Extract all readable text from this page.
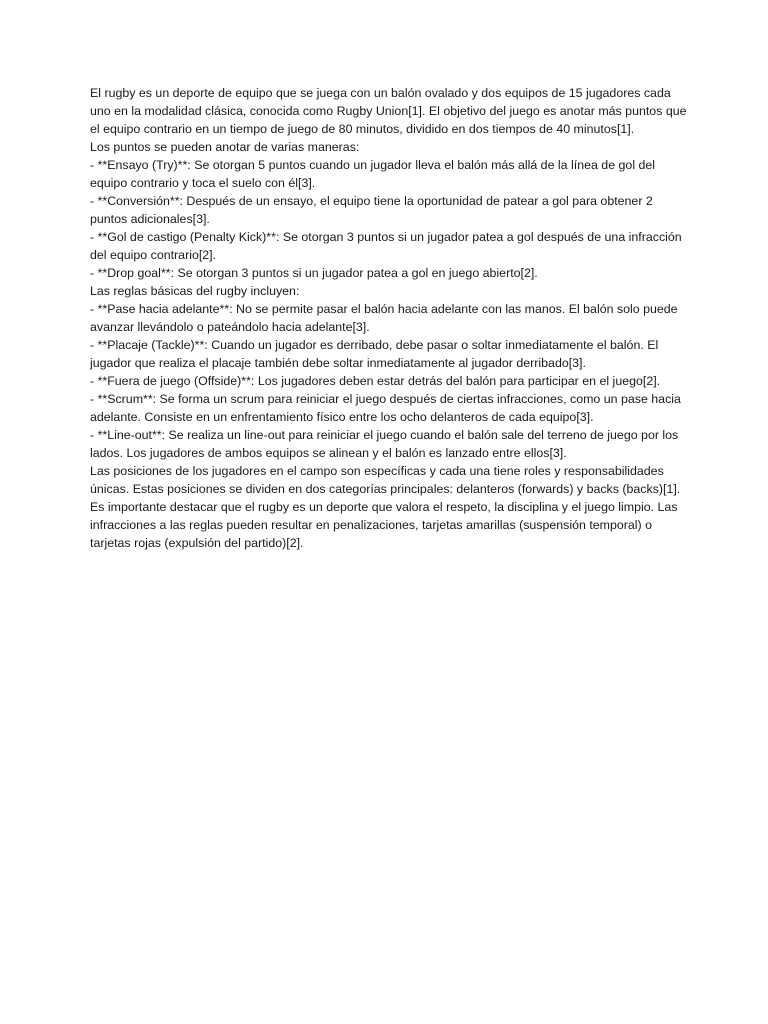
El rugby es un deporte de equipo que se juega con un balón ovalado y dos equipos de 15 jugadores cada uno en la modalidad clásica, conocida como Rugby Union[1]. El objetivo del juego es anotar más puntos que el equipo contrario en un tiempo de juego de 80 minutos, dividido en dos tiempos de 40 minutos[1].

Los puntos se pueden anotar de varias maneras:

- **Ensayo (Try)**: Se otorgan 5 puntos cuando un jugador lleva el balón más allá de la línea de gol del equipo contrario y toca el suelo con él[3].

- **Conversión**: Después de un ensayo, el equipo tiene la oportunidad de patear a gol para obtener 2 puntos adicionales[3].

- **Gol de castigo (Penalty Kick)**: Se otorgan 3 puntos si un jugador patea a gol después de una infracción del equipo contrario[2].

- **Drop goal**: Se otorgan 3 puntos si un jugador patea a gol en juego abierto[2].

Las reglas básicas del rugby incluyen:

- **Pase hacia adelante**: No se permite pasar el balón hacia adelante con las manos. El balón solo puede avanzar llevándolo o pateándolo hacia adelante[3].

- **Placaje (Tackle)**: Cuando un jugador es derribado, debe pasar o soltar inmediatamente el balón. El jugador que realiza el placaje también debe soltar inmediatamente al jugador derribado[3].

- **Fuera de juego (Offside)**: Los jugadores deben estar detrás del balón para participar en el juego[2].

- **Scrum**: Se forma un scrum para reiniciar el juego después de ciertas infracciones, como un pase hacia adelante. Consiste en un enfrentamiento físico entre los ocho delanteros de cada equipo[3].

- **Line-out**: Se realiza un line-out para reiniciar el juego cuando el balón sale del terreno de juego por los lados. Los jugadores de ambos equipos se alinean y el balón es lanzado entre ellos[3].

Las posiciones de los jugadores en el campo son específicas y cada una tiene roles y responsabilidades únicas. Estas posiciones se dividen en dos categorías principales: delanteros (forwards) y backs (backs)[1].

Es importante destacar que el rugby es un deporte que valora el respeto, la disciplina y el juego limpio. Las infracciones a las reglas pueden resultar en penalizaciones, tarjetas amarillas (suspensión temporal) o tarjetas rojas (expulsión del partido)[2].
